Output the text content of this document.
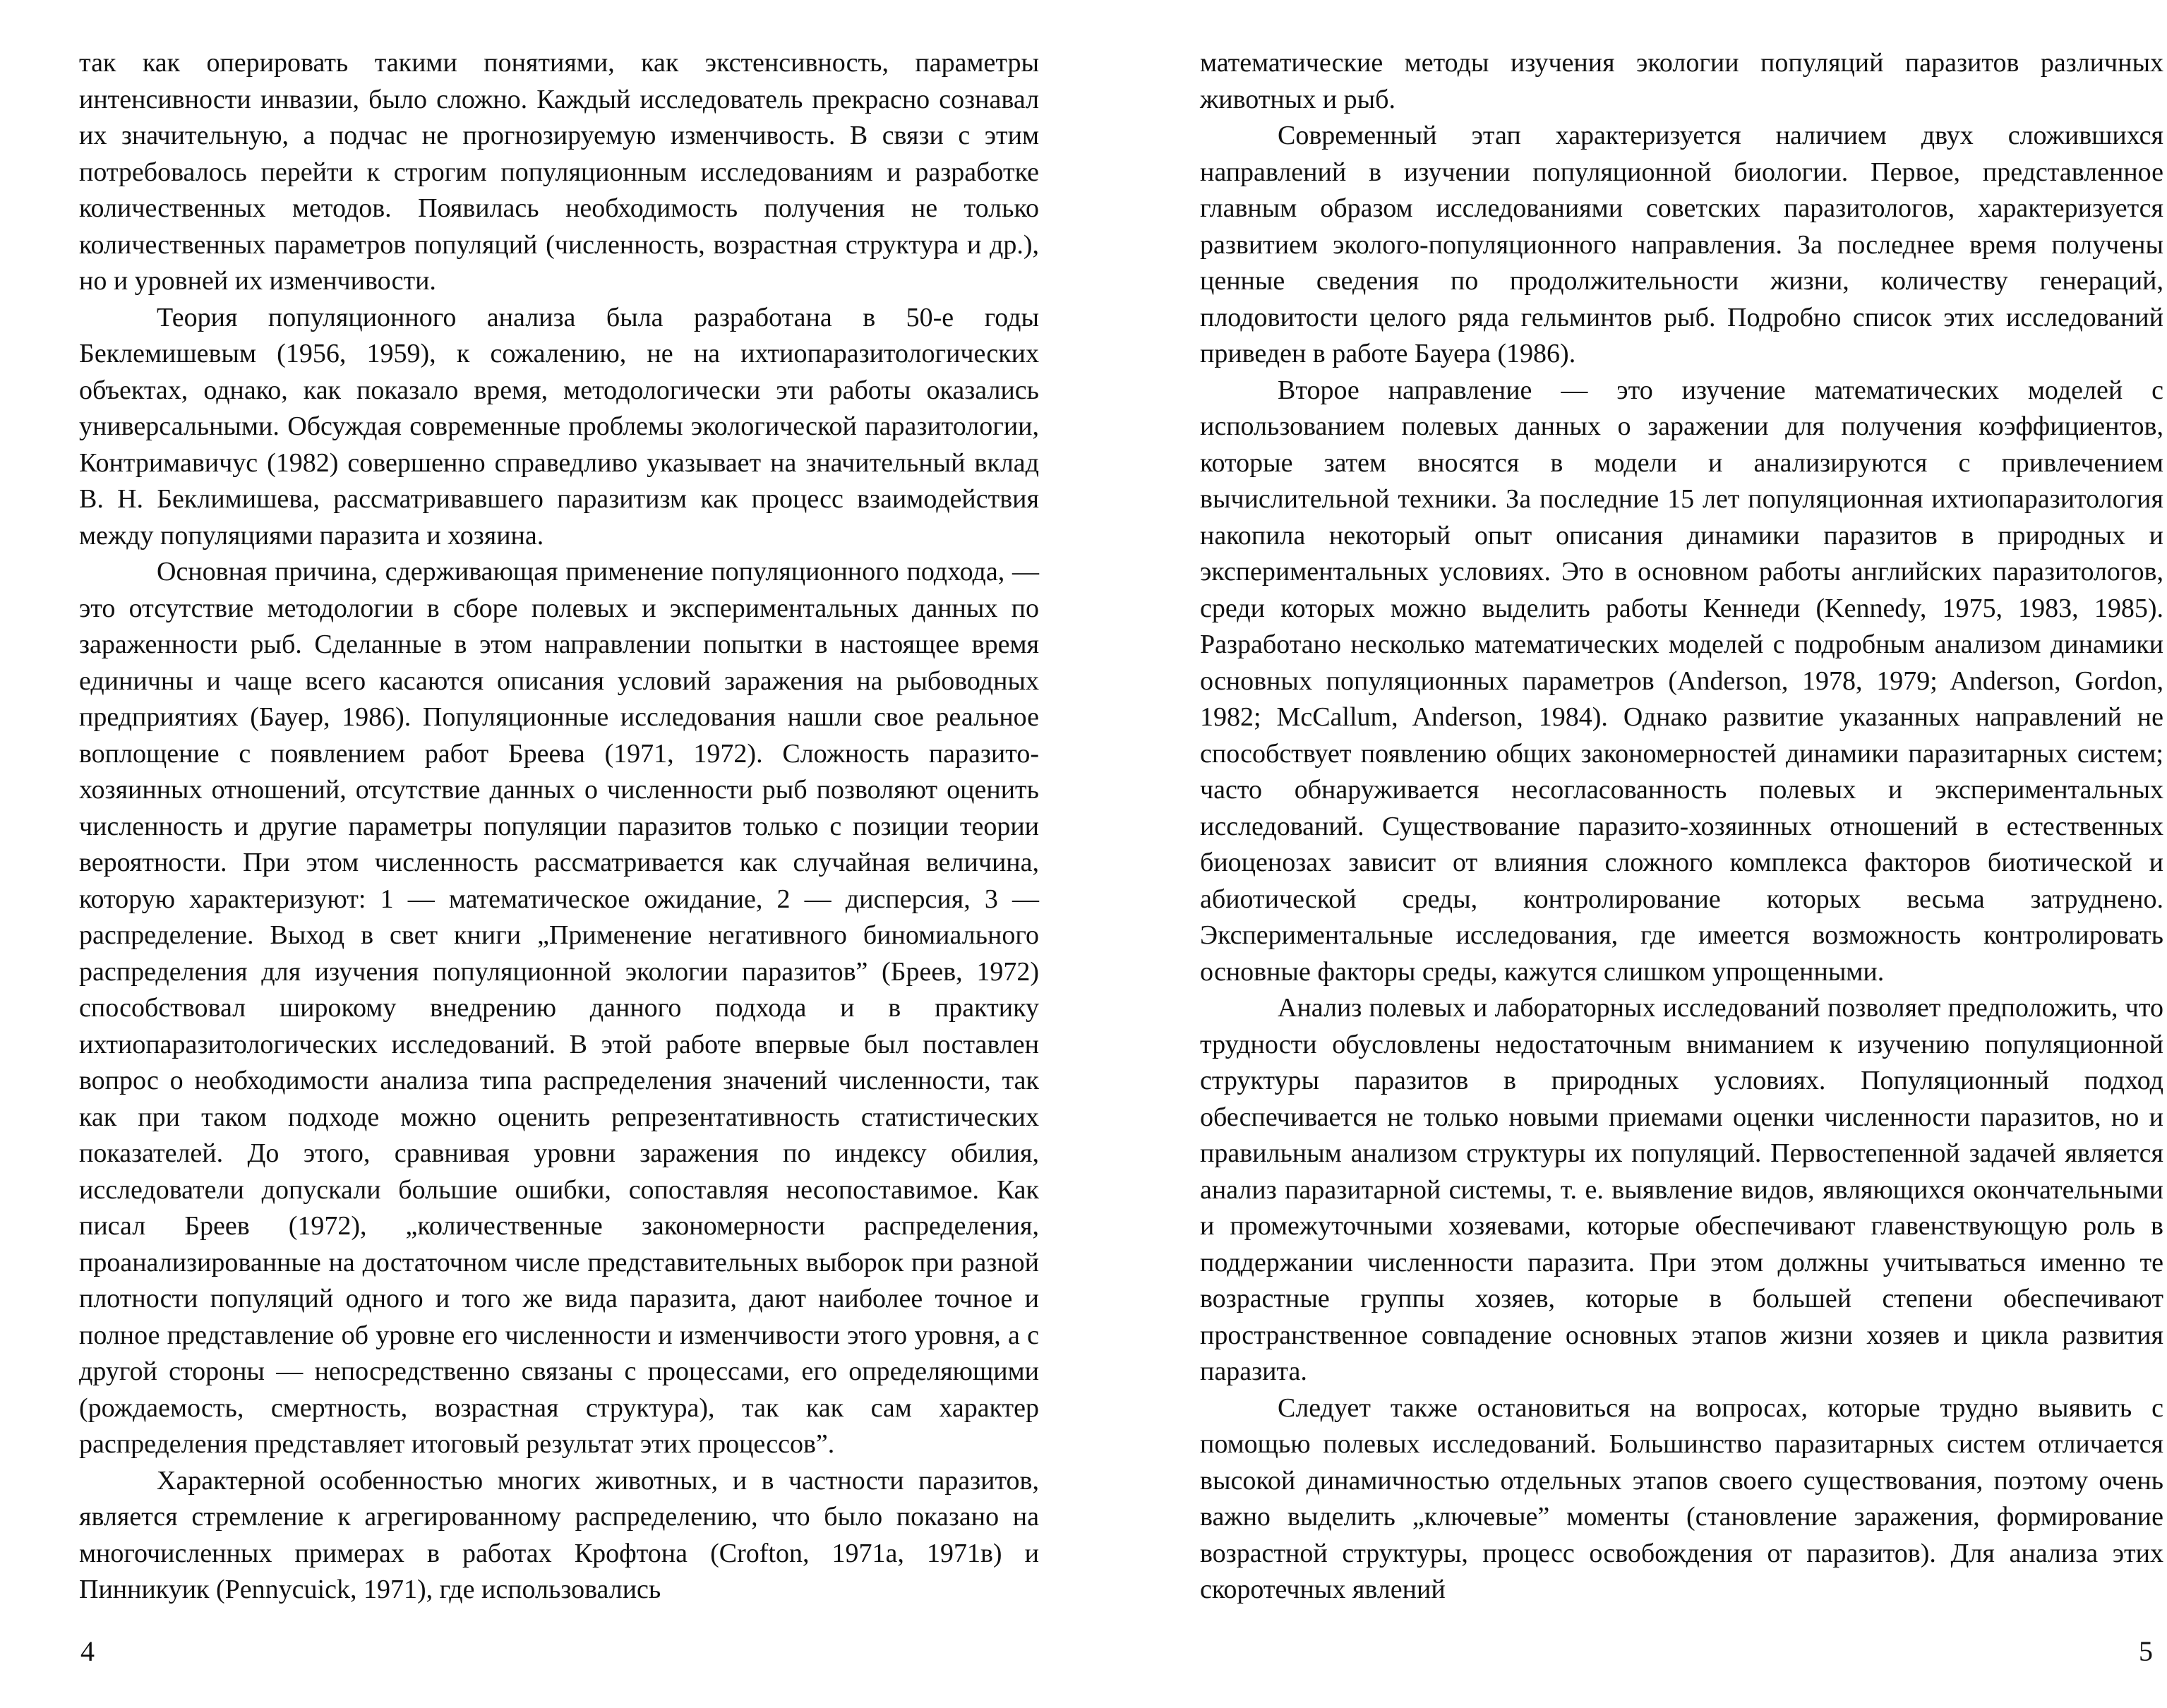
так как оперировать такими понятиями, как экстенсивность, параметры интенсивности инвазии, было сложно. Каждый исследователь прекрасно сознавал их значительную, а подчас не прогнозируемую изменчивость. В связи с этим потребовалось перейти к строгим популяционным исследованиям и разработке количественных методов. Появилась необходимость получения не только количественных параметров популяций (численность, возрастная структура и др.), но и уровней их изменчивости.

Теория популяционного анализа была разработана в 50-е годы Беклемишевым (1956, 1959), к сожалению, не на ихтиопаразитологических объектах, однако, как показало время, методологически эти работы оказались универсальными. Обсуждая современные проблемы экологической паразитологии, Контримавичус (1982) совершенно справедливо указывает на значительный вклад В. Н. Беклимишева, рассматривавшего паразитизм как процесс взаимодействия между популяциями паразита и хозяина.

Основная причина, сдерживающая применение популяционного подхода, — это отсутствие методологии в сборе полевых и экспериментальных данных по зараженности рыб. Сделанные в этом направлении попытки в настоящее время единичны и чаще всего касаются описания условий заражения на рыбоводных предприятиях (Бауер, 1986). Популяционные исследования нашли свое реальное воплощение с появлением работ Бреева (1971, 1972). Сложность паразито-хозяинных отношений, отсутствие данных о численности рыб позволяют оценить численность и другие параметры популяции паразитов только с позиции теории вероятности. При этом численность рассматривается как случайная величина, которую характеризуют: 1 — математическое ожидание, 2 — дисперсия, 3 — распределение. Выход в свет книги „Применение негативного биномиального распределения для изучения популяционной экологии паразитов” (Бреев, 1972) способствовал широкому внедрению данного подхода и в практику ихтиопаразитологических исследований. В этой работе впервые был поставлен вопрос о необходимости анализа типа распределения значений численности, так как при таком подходе можно оценить репрезентативность статистических показателей. До этого, сравнивая уровни заражения по индексу обилия, исследователи допускали большие ошибки, сопоставляя несопоставимое. Как писал Бреев (1972), „количественные закономерности распределения, проанализированные на достаточном числе представительных выборок при разной плотности популяций одного и того же вида паразита, дают наиболее точное и полное представление об уровне его численности и изменчивости этого уровня, а с другой стороны — непосредственно связаны с процессами, его определяющими (рождаемость, смертность, возрастная структура), так как сам характер распределения представляет итоговый результат этих процессов”.

Характерной особенностью многих животных, и в частности паразитов, является стремление к агрегированному распределению, что было показано на многочисленных примерах в работах Крофтона (Crofton, 1971а, 1971в) и Пинникуик (Pennycuick, 1971), где использовались

4

математические методы изучения экологии популяций паразитов различных животных и рыб.

Современный этап характеризуется наличием двух сложившихся направлений в изучении популяционной биологии. Первое, представленное главным образом исследованиями советских паразитологов, характеризуется развитием эколого-популяционного направления. За последнее время получены ценные сведения по продолжительности жизни, количеству генераций, плодовитости целого ряда гельминтов рыб. Подробно список этих исследований приведен в работе Бауера (1986).

Второе направление — это изучение математических моделей с использованием полевых данных о заражении для получения коэффициентов, которые затем вносятся в модели и анализируются с привлечением вычислительной техники. За последние 15 лет популяционная ихтиопаразитология накопила некоторый опыт описания динамики паразитов в природных и экспериментальных условиях. Это в основном работы английских паразитологов, среди которых можно выделить работы Кеннеди (Kennedy, 1975, 1983, 1985). Разработано несколько математических моделей с подробным анализом динамики основных популяционных параметров (Anderson, 1978, 1979; Anderson, Gordon, 1982; McCallum, Anderson, 1984). Однако развитие указанных направлений не способствует появлению общих закономерностей динамики паразитарных систем; часто обнаруживается несогласованность полевых и экспериментальных исследований. Существование паразито-хозяинных отношений в естественных биоценозах зависит от влияния сложного комплекса факторов биотической и абиотической среды, контролирование которых весьма затруднено. Экспериментальные исследования, где имеется возможность контролировать основные факторы среды, кажутся слишком упрощенными.

Анализ полевых и лабораторных исследований позволяет предположить, что трудности обусловлены недостаточным вниманием к изучению популяционной структуры паразитов в природных условиях. Популяционный подход обеспечивается не только новыми приемами оценки численности паразитов, но и правильным анализом структуры их популяций. Первостепенной задачей является анализ паразитарной системы, т. е. выявление видов, являющихся окончательными и промежуточными хозяевами, которые обеспечивают главенствующую роль в поддержании численности паразита. При этом должны учитываться именно те возрастные группы хозяев, которые в большей степени обеспечивают пространственное совпадение основных этапов жизни хозяев и цикла развития паразита.

Следует также остановиться на вопросах, которые трудно выявить с помощью полевых исследований. Большинство паразитарных систем отличается высокой динамичностью отдельных этапов своего существования, поэтому очень важно выделить „ключевые” моменты (становление заражения, формирование возрастной структуры, процесс освобождения от паразитов). Для анализа этих скоротечных явлений

5
